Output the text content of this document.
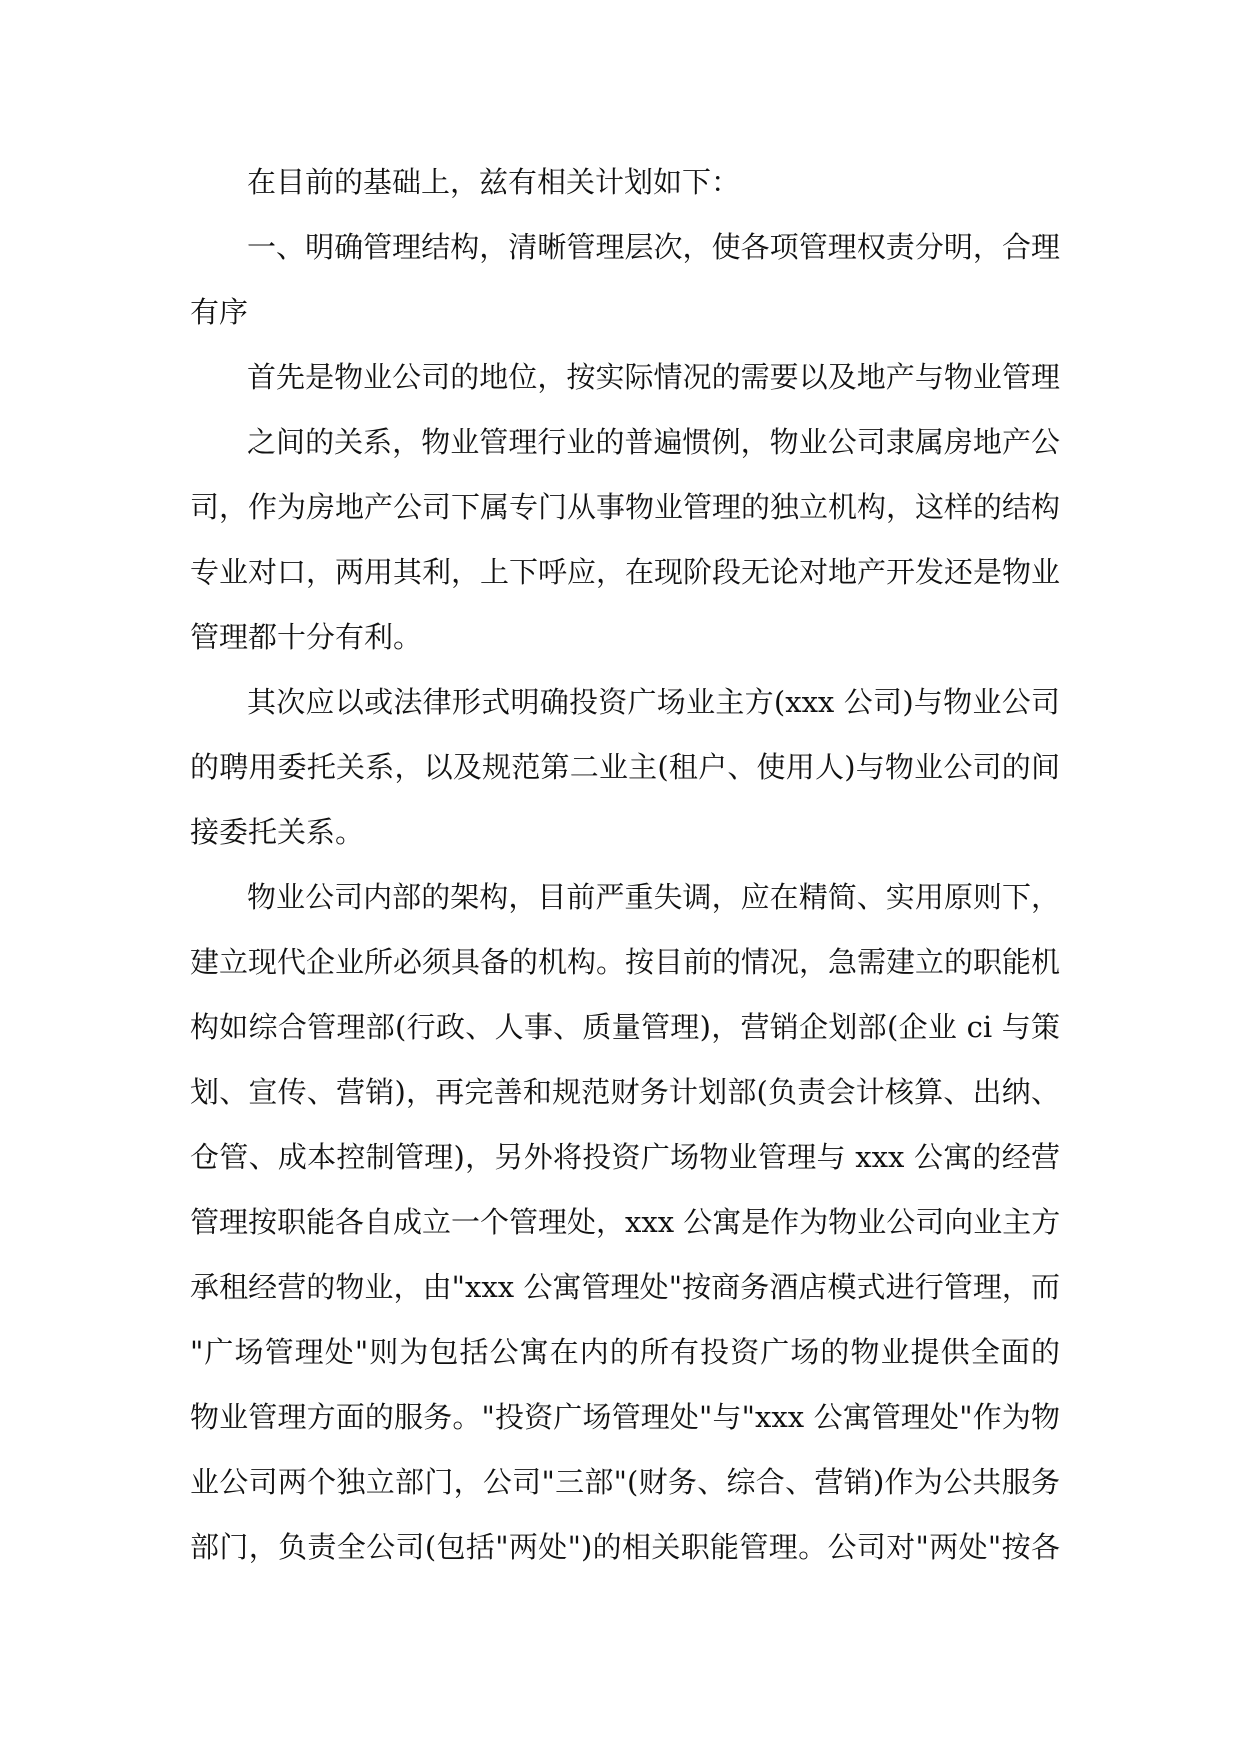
在目前的基础上，兹有相关计划如下：
一、明确管理结构，清晰管理层次，使各项管理权责分明，合理
有序
首先是物业公司的地位，按实际情况的需要以及地产与物业管理
之间的关系，物业管理行业的普遍惯例，物业公司隶属房地产公
司，作为房地产公司下属专门从事物业管理的独立机构，这样的结构
专业对口，两用其利，上下呼应，在现阶段无论对地产开发还是物业
管理都十分有利。
其次应以或法律形式明确投资广场业主方(xxx 公司)与物业公司
的聘用委托关系，以及规范第二业主(租户、使用人)与物业公司的间
接委托关系。
物业公司内部的架构，目前严重失调，应在精简、实用原则下，
建立现代企业所必须具备的机构。按目前的情况，急需建立的职能机
构如综合管理部(行政、人事、质量管理)，营销企划部(企业 ci 与策
划、宣传、营销)，再完善和规范财务计划部(负责会计核算、出纳、
仓管、成本控制管理)，另外将投资广场物业管理与 xxx 公寓的经营
管理按职能各自成立一个管理处，xxx 公寓是作为物业公司向业主方
承租经营的物业，由"xxx 公寓管理处"按商务酒店模式进行管理，而
"广场管理处"则为包括公寓在内的所有投资广场的物业提供全面的
物业管理方面的服务。"投资广场管理处"与"xxx 公寓管理处"作为物
业公司两个独立部门，公司"三部"(财务、综合、营销)作为公共服务
部门，负责全公司(包括"两处")的相关职能管理。公司对"两处"按各
